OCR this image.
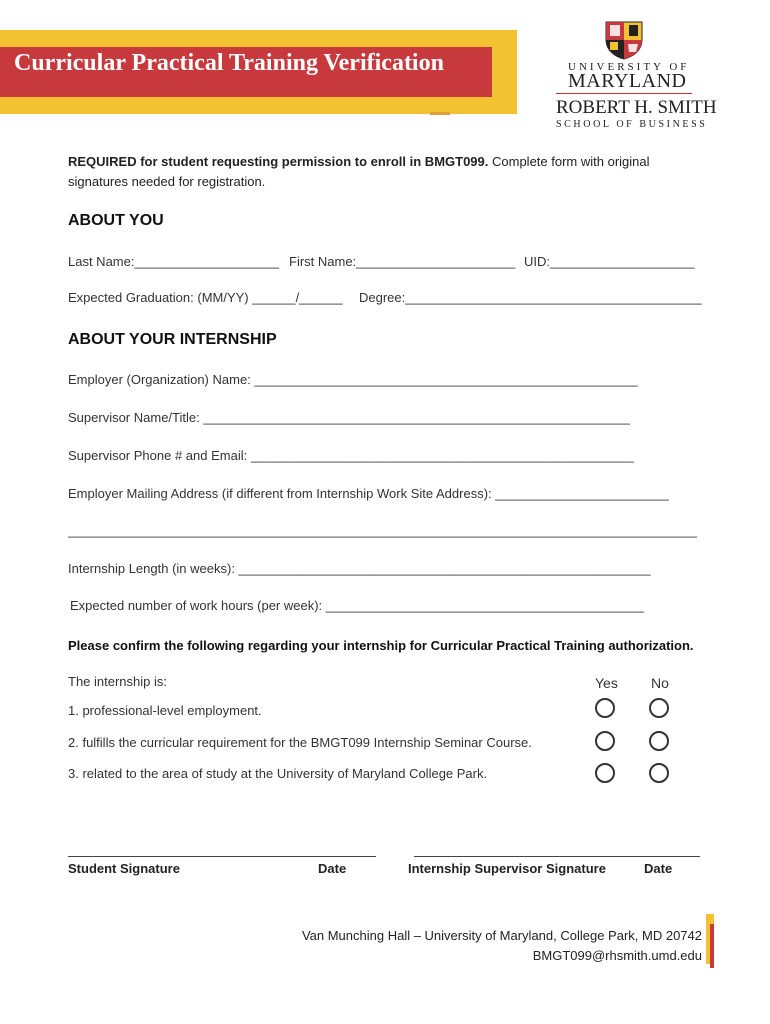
Curricular Practical Training Verification	UNIVERSITY OF
MARYLAND
ROBERT H. SMITH
SCHOOL OF BUSINESS
REQUIRED for student requesting permission to enroll in BMGT099. Complete form with original signatures needed for registration.
ABOUT YOU
Last Name:____________________ First Name:______________________ UID:____________________
Expected Graduation: (MM/YY) ______/______ Degree:_________________________________________
ABOUT YOUR INTERNSHIP
Employer (Organization) Name: _____________________________________________________
Supervisor Name/Title: ___________________________________________________________
Supervisor Phone # and Email: _____________________________________________________
Employer Mailing Address (if different from Internship Work Site Address): ________________________
_______________________________________________________________________________________
Internship Length (in weeks): _________________________________________________________
Expected number of work hours (per week): ____________________________________________
Please confirm the following regarding your internship for Curricular Practical Training authorization.
The internship is:	Yes No
1. professional-level employment.
2. fulfills the curricular requirement for the BMGT099 Internship Seminar Course.
3. related to the area of study at the University of Maryland College Park.
Student Signature	Date	Internship Supervisor Signature	Date
Van Munching Hall – University of Maryland, College Park, MD 20742
BMGT099@rhsmith.umd.edu
